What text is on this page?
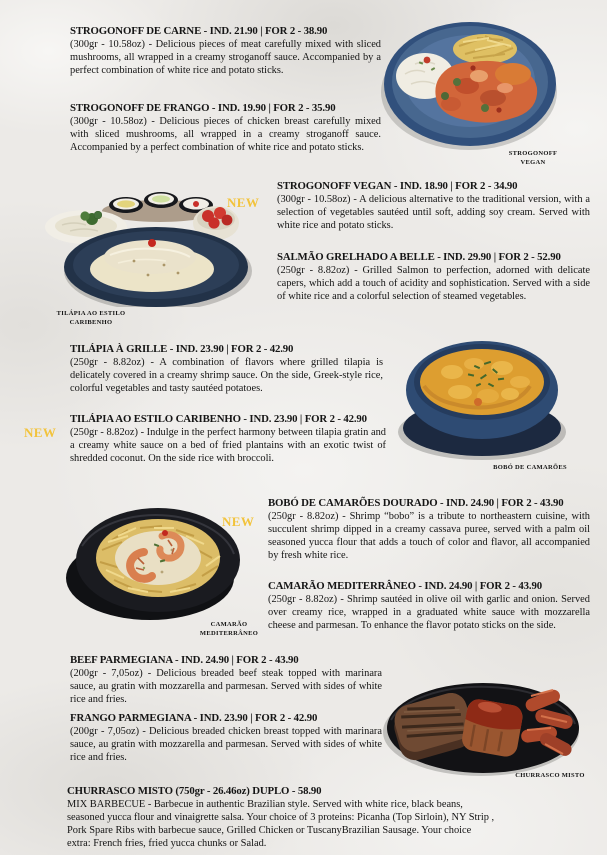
STROGONOFF DE CARNE - IND. 21.90 | FOR 2 - 38.90

(300gr - 10.58oz) - Delicious pieces of meat carefully mixed with sliced mushrooms, all wrapped in a creamy stroganoff sauce. Accompanied by a perfect combination of white rice and potato sticks.

STROGONOFF DE FRANGO - IND. 19.90 | FOR 2 - 35.90

(300gr - 10.58oz) - Delicious pieces of chicken breast carefully mixed with sliced mushrooms, all wrapped in a creamy stroganoff sauce. Accompanied by a perfect combination of white rice and potato sticks.

STROGONOFF VEGAN - IND. 18.90 | FOR 2 - 34.90

(300gr - 10.58oz) - A delicious alternative to the traditional version, with a selection of vegetables sautéed until soft, adding soy cream. Served with white rice and potato sticks.

SALMÃO GRELHADO A BELLE - IND. 29.90 | FOR 2 - 52.90

(250gr - 8.82oz) - Grilled Salmon to perfection, adorned with delicate capers, which add a touch of acidity and sophistication. Served with a side of white rice and a colorful selection of steamed vegetables.

TILÁPIA À GRILLE - IND. 23.90 | FOR 2 - 42.90

(250gr - 8.82oz) - A combination of flavors where grilled tilapia is delicately covered in a creamy shrimp sauce. On the side, Greek-style rice, colorful vegetables and tasty sautéed potatoes.

TILÁPIA AO ESTILO CARIBENHO - IND. 23.90 | FOR 2 - 42.90

(250gr - 8.82oz) - Indulge in the perfect harmony between tilapia gratin and a creamy white sauce on a bed of fried plantains with an exotic twist of shredded coconut. On the side rice with broccoli.

BOBÓ DE CAMARÕES DOURADO - IND. 24.90 | FOR 2 - 43.90

(250gr - 8.82oz) - Shrimp “bobo” is a tribute to northeastern cuisine, with succulent shrimp dipped in a creamy cassava puree, served with a palm oil seasoned yucca flour that adds a touch of color and flavor, all accompanied by fresh white rice.

CAMARÃO MEDITERRÂNEO - IND. 24.90 | FOR 2 - 43.90

(250gr - 8.82oz) - Shrimp sautéed in olive oil with garlic and onion. Served over creamy rice, wrapped in a graduated white sauce with mozzarella cheese and parmesan. To enhance the flavor potato sticks on the side.

BEEF PARMEGIANA - IND. 24.90 | FOR 2 - 43.90

(200gr - 7,05oz) - Delicious breaded beef steak topped with marinara sauce, au gratin with mozzarella and parmesan. Served with sides of white rice and fries.

FRANGO PARMEGIANA - IND. 23.90 | FOR 2 - 42.90

(200gr - 7,05oz) - Delicious breaded chicken breast topped with marinara sauce, au gratin with mozzarella and parmesan. Served with sides of white rice and fries.

CHURRASCO MISTO (750gr - 26.46oz) DUPLO - 58.90

MIX BARBECUE - Barbecue in authentic Brazilian style. Served with white rice, black beans, seasoned yucca flour and vinaigrette salsa. Your choice of 3 proteins: Picanha (Top Sirloin), NY Strip , Pork Spare Ribs with barbecue sauce, Grilled Chicken or TuscanyBrazilian Sausage. Your choice extra: French fries, fried yucca chunks or Salad.

NEW
NEW
NEW
STROGONOFF
VEGAN
TILÁPIA AO ESTILO
CARIBENHO
BOBÓ DE CAMARÕES
CAMARÃO
MEDITERRÂNEO
CHURRASCO MISTO
